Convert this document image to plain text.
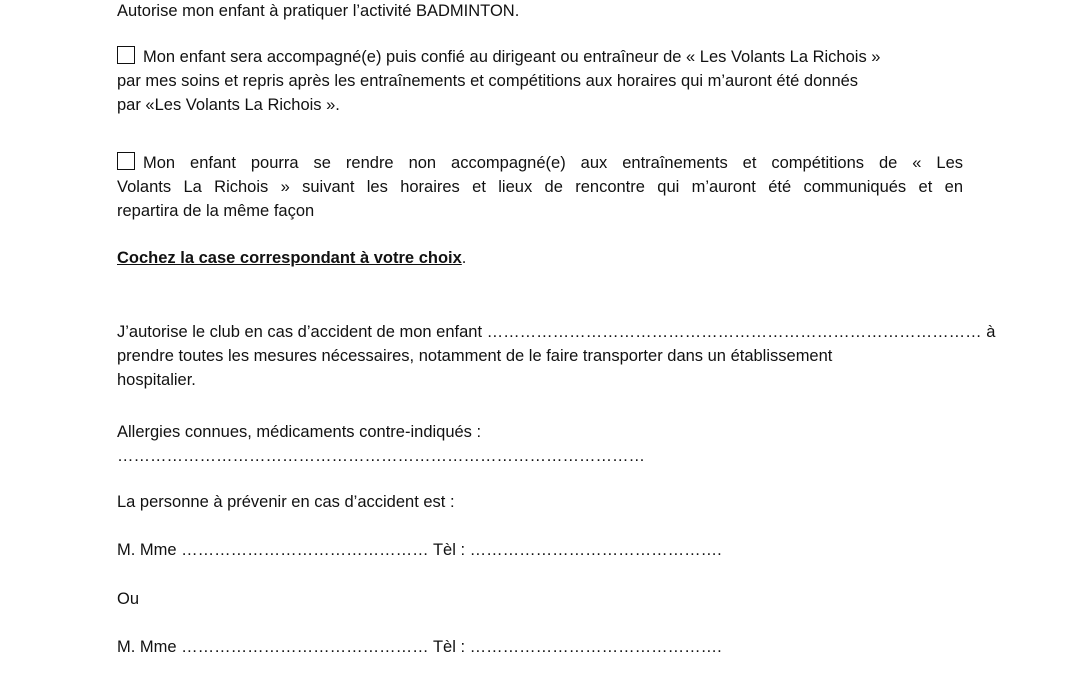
Autorise mon enfant à pratiquer l’activité BADMINTON.

Mon enfant sera accompagné(e) puis confié au dirigeant ou entraîneur de « Les Volants La Richois »
par mes soins et repris après les entraînements et compétitions aux horaires qui m’auront été donnés
par «Les Volants La Richois ».
Mon enfant pourra se rendre non accompagné(e) aux entraînements et compétitions de « Les
Volants La Richois » suivant les horaires et lieux de rencontre qui m’auront été communiqués et en
repartira de la même façon

Cochez la case correspondant à votre choix.

J’autorise le club en cas d’accident de mon enfant ……………………………………………………………………………… à
prendre toutes les mesures nécessaires, notamment de le faire transporter dans un établissement
hospitalier.

Allergies connues, médicaments contre-indiqués : ……………………………………………………………………………………

La personne à prévenir en cas d’accident est :

M. Mme ……………………………………… Tèl : ……………………………………….

Ou

M. Mme ……………………………………… Tèl : ……………………………………….
